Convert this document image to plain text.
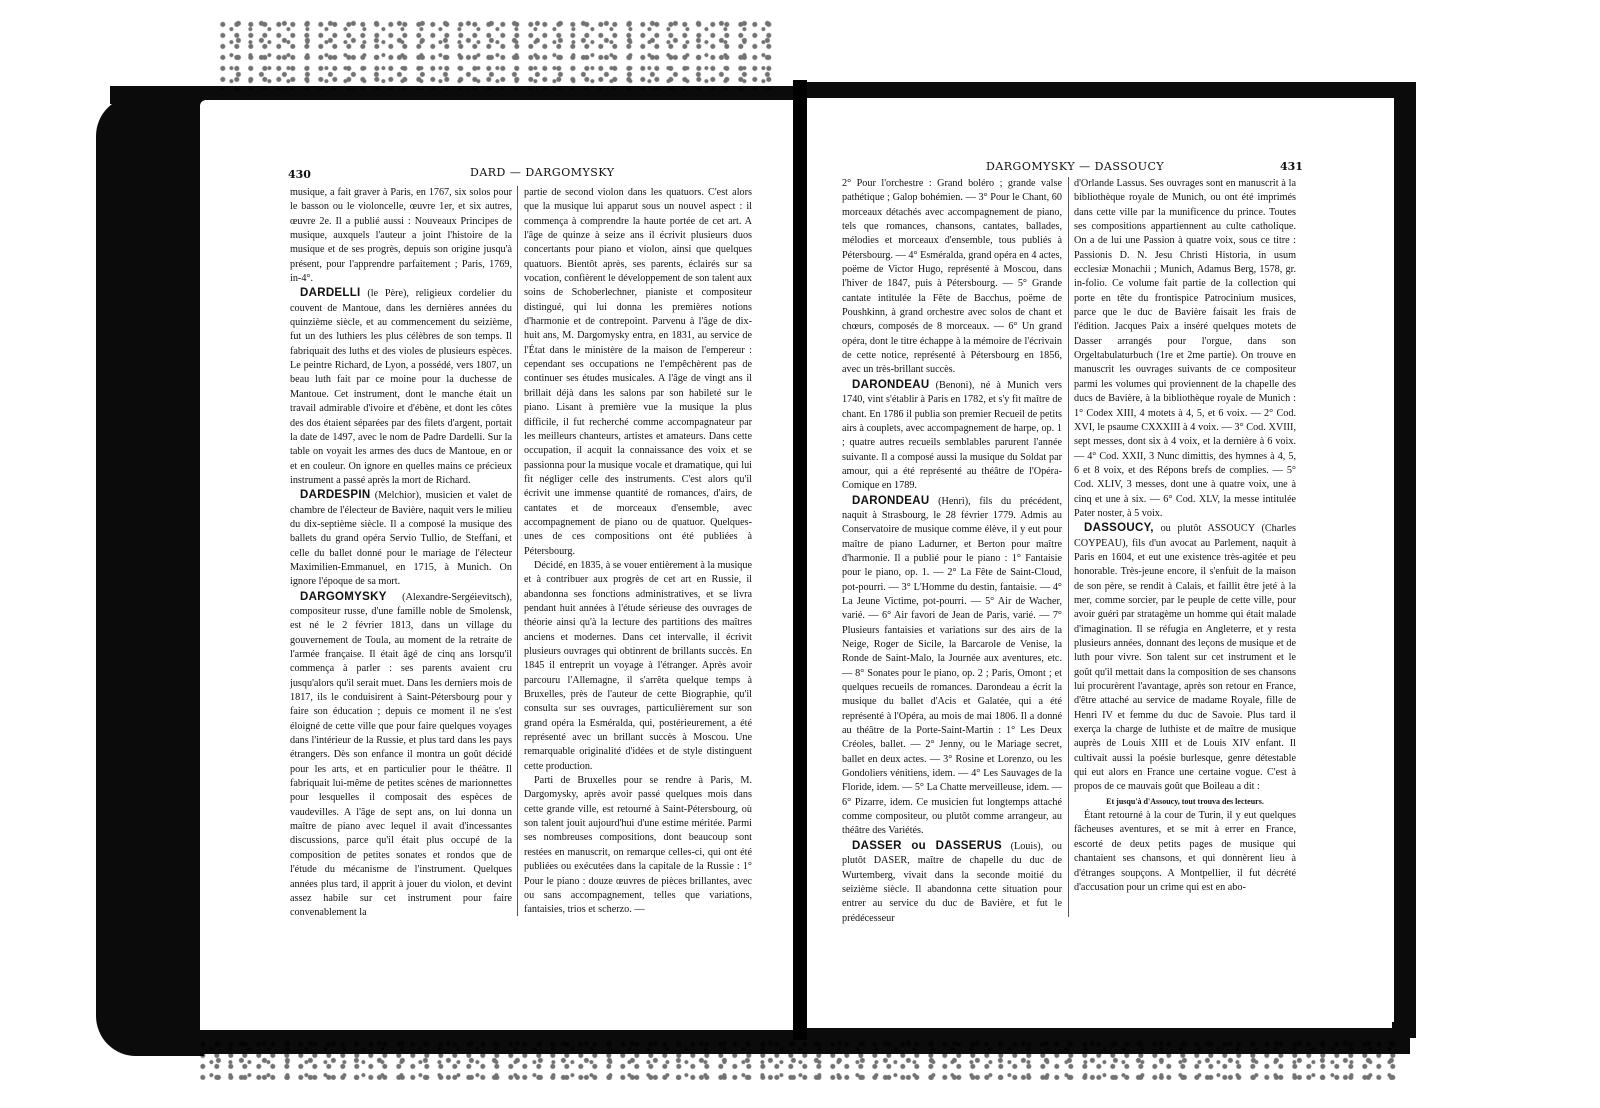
430	DARD — DARGOMYSKY	DARGOMYSKY — DASSOUCY	431

musique, a fait graver à Paris, en 1767, six solos pour le basson ou le violoncelle, œuvre 1er, et six autres, œuvre 2e. Il a publié aussi : Nouveaux Principes de musique, auxquels l'auteur a joint l'histoire de la musique et de ses progrès, depuis son origine jusqu'à présent, pour l'apprendre parfaitement ; Paris, 1769, in-4°.

DARDELLI (le Père), religieux cordelier du couvent de Mantoue, dans les dernières années du quinzième siècle, et au commencement du seizième, fut un des luthiers les plus célèbres de son temps. Il fabriquait des luths et des violes de plusieurs espèces. Le peintre Richard, de Lyon, a possédé, vers 1807, un beau luth fait par ce moine pour la duchesse de Mantoue. Cet instrument, dont le manche était un travail admirable d'ivoire et d'ébène, et dont les côtes des dos étaient séparées par des filets d'argent, portait la date de 1497, avec le nom de Padre Dardelli. Sur la table on voyait les armes des ducs de Mantoue, en or et en couleur. On ignore en quelles mains ce précieux instrument a passé après la mort de Richard.

DARDESPIN (Melchior), musicien et valet de chambre de l'électeur de Bavière, naquit vers le milieu du dix-septième siècle. Il a composé la musique des ballets du grand opéra Servio Tullio, de Steffani, et celle du ballet donné pour le mariage de l'électeur Maximilien-Emmanuel, en 1715, à Munich. On ignore l'époque de sa mort.

DARGOMYSKY (Alexandre-Sergéievitsch), compositeur russe, d'une famille noble de Smolensk, est né le 2 février 1813, dans un village du gouvernement de Toula, au moment de la retraite de l'armée française. Il était âgé de cinq ans lorsqu'il commença à parler : ses parents avaient cru jusqu'alors qu'il serait muet. Dans les derniers mois de 1817, ils le conduisirent à Saint-Pétersbourg pour y faire son éducation ; depuis ce moment il ne s'est éloigné de cette ville que pour faire quelques voyages dans l'intérieur de la Russie, et plus tard dans les pays étrangers. Dès son enfance il montra un goût décidé pour les arts, et en particulier pour le théâtre. Il fabriquait lui-même de petites scènes de marionnettes pour lesquelles il composait des espèces de vaudevilles. A l'âge de sept ans, on lui donna un maître de piano avec lequel il avait d'incessantes discussions, parce qu'il était plus occupé de la composition de petites sonates et rondos que de l'étude du mécanisme de l'instrument. Quelques années plus tard, il apprit à jouer du violon, et devint assez habile sur cet instrument pour faire convenablement la

partie de second violon dans les quatuors. C'est alors que la musique lui apparut sous un nouvel aspect : il commença à comprendre la haute portée de cet art. A l'âge de quinze à seize ans il écrivit plusieurs duos concertants pour piano et violon, ainsi que quelques quatuors. Bientôt après, ses parents, éclairés sur sa vocation, confièrent le développement de son talent aux soins de Schoberlechner, pianiste et compositeur distingué, qui lui donna les premières notions d'harmonie et de contrepoint. Parvenu à l'âge de dix-huit ans, M. Dargomysky entra, en 1831, au service de l'État dans le ministère de la maison de l'empereur : cependant ses occupations ne l'empêchèrent pas de continuer ses études musicales. A l'âge de vingt ans il brillait déjà dans les salons par son habileté sur le piano. Lisant à première vue la musique la plus difficile, il fut recherché comme accompagnateur par les meilleurs chanteurs, artistes et amateurs. Dans cette occupation, il acquit la connaissance des voix et se passionna pour la musique vocale et dramatique, qui lui fit négliger celle des instruments. C'est alors qu'il écrivit une immense quantité de romances, d'airs, de cantates et de morceaux d'ensemble, avec accompagnement de piano ou de quatuor. Quelques-unes de ces compositions ont été publiées à Pétersbourg.

Décidé, en 1835, à se vouer entièrement à la musique et à contribuer aux progrès de cet art en Russie, il abandonna ses fonctions administratives, et se livra pendant huit années à l'étude sérieuse des ouvrages de théorie ainsi qu'à la lecture des partitions des maîtres anciens et modernes. Dans cet intervalle, il écrivit plusieurs ouvrages qui obtinrent de brillants succès. En 1845 il entreprit un voyage à l'étranger. Après avoir parcouru l'Allemagne, il s'arrêta quelque temps à Bruxelles, près de l'auteur de cette Biographie, qu'il consulta sur ses ouvrages, particulièrement sur son grand opéra la Esméralda, qui, postérieurement, a été représenté avec un brillant succès à Moscou. Une remarquable originalité d'idées et de style distinguent cette production.

Parti de Bruxelles pour se rendre à Paris, M. Dargomysky, après avoir passé quelques mois dans cette grande ville, est retourné à Saint-Pétersbourg, où son talent jouit aujourd'hui d'une estime méritée. Parmi ses nombreuses compositions, dont beaucoup sont restées en manuscrit, on remarque celles-ci, qui ont été publiées ou exécutées dans la capitale de la Russie : 1° Pour le piano : douze œuvres de pièces brillantes, avec ou sans accompagnement, telles que variations, fantaisies, trios et scherzo. —

2° Pour l'orchestre : Grand boléro ; grande valse pathétique ; Galop bohémien. — 3° Pour le Chant, 60 morceaux détachés avec accompagnement de piano, tels que romances, chansons, cantates, ballades, mélodies et morceaux d'ensemble, tous publiés à Pétersbourg. — 4° Esméralda, grand opéra en 4 actes, poëme de Victor Hugo, représenté à Moscou, dans l'hiver de 1847, puis à Pétersbourg. — 5° Grande cantate intitulée la Fête de Bacchus, poëme de Poushkinn, à grand orchestre avec solos de chant et chœurs, composés de 8 morceaux. — 6° Un grand opéra, dont le titre échappe à la mémoire de l'écrivain de cette notice, représenté à Pétersbourg en 1856, avec un très-brillant succès.

DARONDEAU (Benoni), né à Munich vers 1740, vint s'établir à Paris en 1782, et s'y fit maître de chant. En 1786 il publia son premier Recueil de petits airs à couplets, avec accompagnement de harpe, op. 1 ; quatre autres recueils semblables parurent l'année suivante. Il a composé aussi la musique du Soldat par amour, qui a été représenté au théâtre de l'Opéra-Comique en 1789.

DARONDEAU (Henri), fils du précédent, naquit à Strasbourg, le 28 février 1779. Admis au Conservatoire de musique comme élève, il y eut pour maître de piano Ladurner, et Berton pour maître d'harmonie. Il a publié pour le piano : 1° Fantaisie pour le piano, op. 1. — 2° La Fête de Saint-Cloud, pot-pourri. — 3° L'Homme du destin, fantaisie. — 4° La Jeune Victime, pot-pourri. — 5° Air de Wacher, varié. — 6° Air favori de Jean de Paris, varié. — 7° Plusieurs fantaisies et variations sur des airs de la Neige, Roger de Sicile, la Barcarole de Venise, la Ronde de Saint-Malo, la Journée aux aventures, etc. — 8° Sonates pour le piano, op. 2 ; Paris, Omont ; et quelques recueils de romances. Darondeau a écrit la musique du ballet d'Acis et Galatée, qui a été représenté à l'Opéra, au mois de mai 1806. Il a donné au théâtre de la Porte-Saint-Martin : 1° Les Deux Créoles, ballet. — 2° Jenny, ou le Mariage secret, ballet en deux actes. — 3° Rosine et Lorenzo, ou les Gondoliers vénitiens, idem. — 4° Les Sauvages de la Floride, idem. — 5° La Chatte merveilleuse, idem. — 6° Pizarre, idem. Ce musicien fut longtemps attaché comme compositeur, ou plutôt comme arrangeur, au théâtre des Variétés.

DASSER ou DASSERUS (Louis), ou plutôt DASER, maître de chapelle du duc de Wurtemberg, vivait dans la seconde moitié du seizième siècle. Il abandonna cette situation pour entrer au service du duc de Bavière, et fut le prédécesseur

d'Orlande Lassus. Ses ouvrages sont en manuscrit à la bibliothèque royale de Munich, ou ont été imprimés dans cette ville par la munificence du prince. Toutes ses compositions appartiennent au culte catholique. On a de lui une Passion à quatre voix, sous ce titre : Passionis D. N. Jesu Christi Historia, in usum ecclesiæ Monachii ; Munich, Adamus Berg, 1578, gr. in-folio. Ce volume fait partie de la collection qui porte en tête du frontispice Patrocinium musices, parce que le duc de Bavière faisait les frais de l'édition. Jacques Paix a inséré quelques motets de Dasser arrangés pour l'orgue, dans son Orgeltabulaturbuch (1re et 2me partie). On trouve en manuscrit les ouvrages suivants de ce compositeur parmi les volumes qui proviennent de la chapelle des ducs de Bavière, à la bibliothèque royale de Munich : 1° Codex XIII, 4 motets à 4, 5, et 6 voix. — 2° Cod. XVI, le psaume CXXXIII à 4 voix. — 3° Cod. XVIII, sept messes, dont six à 4 voix, et la dernière à 6 voix. — 4° Cod. XXII, 3 Nunc dimittis, des hymnes à 4, 5, 6 et 8 voix, et des Répons brefs de complies. — 5° Cod. XLIV, 3 messes, dont une à quatre voix, une à cinq et une à six. — 6° Cod. XLV, la messe intitulée Pater noster, à 5 voix.

DASSOUCY, ou plutôt ASSOUCY (Charles COYPEAU), fils d'un avocat au Parlement, naquit à Paris en 1604, et eut une existence très-agitée et peu honorable. Très-jeune encore, il s'enfuit de la maison de son père, se rendit à Calais, et faillit être jeté à la mer, comme sorcier, par le peuple de cette ville, pour avoir guéri par stratagème un homme qui était malade d'imagination. Il se réfugia en Angleterre, et y resta plusieurs années, donnant des leçons de musique et de luth pour vivre. Son talent sur cet instrument et le goût qu'il mettait dans la composition de ses chansons lui procurèrent l'avantage, après son retour en France, d'être attaché au service de madame Royale, fille de Henri IV et femme du duc de Savoie. Plus tard il exerça la charge de luthiste et de maître de musique auprès de Louis XIII et de Louis XIV enfant. Il cultivait aussi la poésie burlesque, genre détestable qui eut alors en France une certaine vogue. C'est à propos de ce mauvais goût que Boileau a dit :

Et jusqu'à d'Assoucy, tout trouva des lecteurs.

Étant retourné à la cour de Turin, il y eut quelques fâcheuses aventures, et se mit à errer en France, escorté de deux petits pages de musique qui chantaient ses chansons, et qui donnèrent lieu à d'étranges soupçons. A Montpellier, il fut décrété d'accusation pour un crime qui est en abo-
